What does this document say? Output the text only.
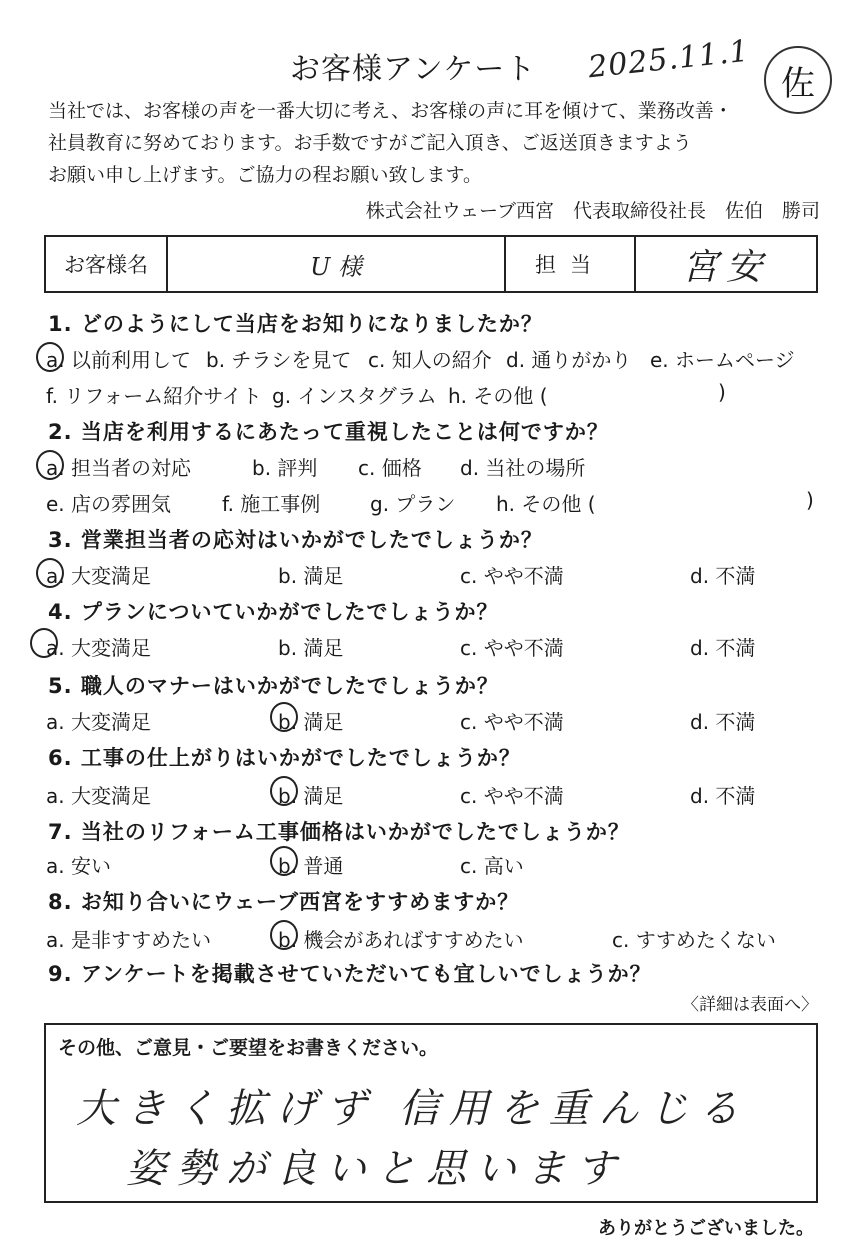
お客様アンケート 2025.11.1 佐
当社では、お客様の声を一番大切に考え、お客様の声に耳を傾けて、業務改善・
社員教育に努めております。お手数ですがご記入頂き、ご返送頂きますよう
お願い申し上げます。ご協力の程お願い致します。
株式会社ウェーブ西宮　代表取締役社長　佐伯　勝司
お客様名	U 様	担当	宮安
1. どのようにして当店をお知りになりましたか？
a. 以前利用して b. チラシを見て c. 知人の紹介 d. 通りがかり e. ホームページ
f. リフォーム紹介サイト g. インスタグラム h. その他 (	)
2. 当店を利用するにあたって重視したことは何ですか？
a. 担当者の対応	b. 評判 c. 価格 d. 当社の場所
e. 店の雰囲気	f. 施工事例 g. プラン h. その他 (	)
3. 営業担当者の応対はいかがでしたでしょうか？
a. 大変満足	b. 満足	c. やや不満	d. 不満
4. プランについていかがでしたでしょうか？
a. 大変満足	b. 満足	c. やや不満	d. 不満
5. 職人のマナーはいかがでしたでしょうか？
a. 大変満足	b. 満足	c. やや不満	d. 不満
6. 工事の仕上がりはいかがでしたでしょうか？
a. 大変満足	b. 満足	c. やや不満	d. 不満
7. 当社のリフォーム工事価格はいかがでしたでしょうか？
a. 安い	b. 普通	c. 高い
8. お知り合いにウェーブ西宮をすすめますか？
a. 是非すすめたい	b. 機会があればすすめたい	c. すすめたくない
9. アンケートを掲載させていただいても宜しいでしょうか？
〈詳細は表面へ〉
その他、ご意見・ご要望をお書きください。
大きく拡げず 信用を重んじる
姿勢が良いと思います
ありがとうございました。
